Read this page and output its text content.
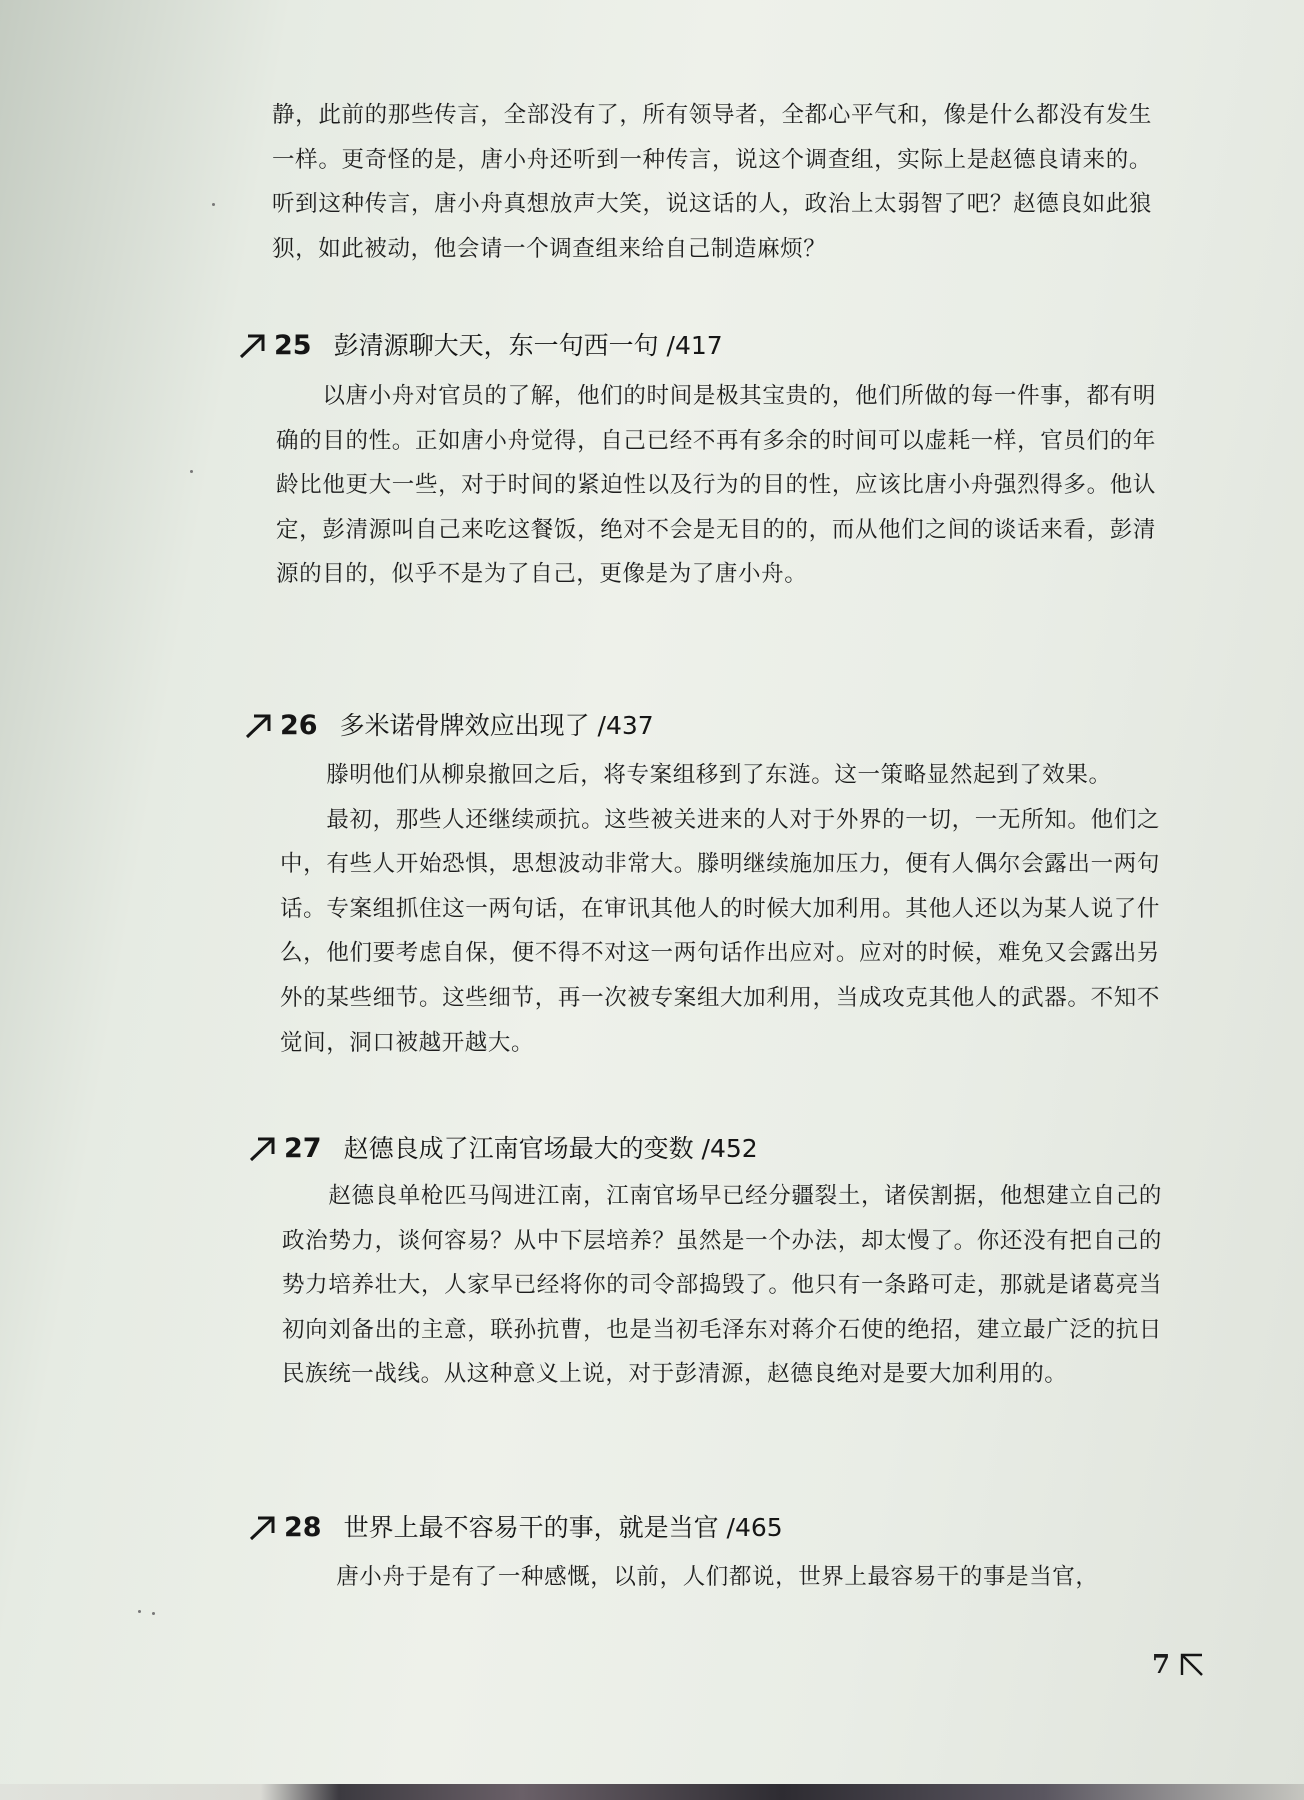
静，此前的那些传言，全部没有了，所有领导者，全都心平气和，像是什么都没有发生一样。更奇怪的是，唐小舟还听到一种传言，说这个调查组，实际上是赵德良请来的。听到这种传言，唐小舟真想放声大笑，说这话的人，政治上太弱智了吧？赵德良如此狼狈，如此被动，他会请一个调查组来给自己制造麻烦？

25 彭清源聊大天，东一句西一句 /417

　　以唐小舟对官员的了解，他们的时间是极其宝贵的，他们所做的每一件事，都有明确的目的性。正如唐小舟觉得，自己已经不再有多余的时间可以虚耗一样，官员们的年龄比他更大一些，对于时间的紧迫性以及行为的目的性，应该比唐小舟强烈得多。他认定，彭清源叫自己来吃这餐饭，绝对不会是无目的的，而从他们之间的谈话来看，彭清源的目的，似乎不是为了自己，更像是为了唐小舟。

26 多米诺骨牌效应出现了 /437

　　滕明他们从柳泉撤回之后，将专案组移到了东涟。这一策略显然起到了效果。
　　最初，那些人还继续顽抗。这些被关进来的人对于外界的一切，一无所知。他们之中，有些人开始恐惧，思想波动非常大。滕明继续施加压力，便有人偶尔会露出一两句话。专案组抓住这一两句话，在审讯其他人的时候大加利用。其他人还以为某人说了什么，他们要考虑自保，便不得不对这一两句话作出应对。应对的时候，难免又会露出另外的某些细节。这些细节，再一次被专案组大加利用，当成攻克其他人的武器。不知不觉间，洞口被越开越大。

27 赵德良成了江南官场最大的变数 /452

　　赵德良单枪匹马闯进江南，江南官场早已经分疆裂土，诸侯割据，他想建立自己的政治势力，谈何容易？从中下层培养？虽然是一个办法，却太慢了。你还没有把自己的势力培养壮大，人家早已经将你的司令部捣毁了。他只有一条路可走，那就是诸葛亮当初向刘备出的主意，联孙抗曹，也是当初毛泽东对蒋介石使的绝招，建立最广泛的抗日民族统一战线。从这种意义上说，对于彭清源，赵德良绝对是要大加利用的。

28 世界上最不容易干的事，就是当官 /465

　　唐小舟于是有了一种感慨，以前，人们都说，世界上最容易干的事是当官，

7
